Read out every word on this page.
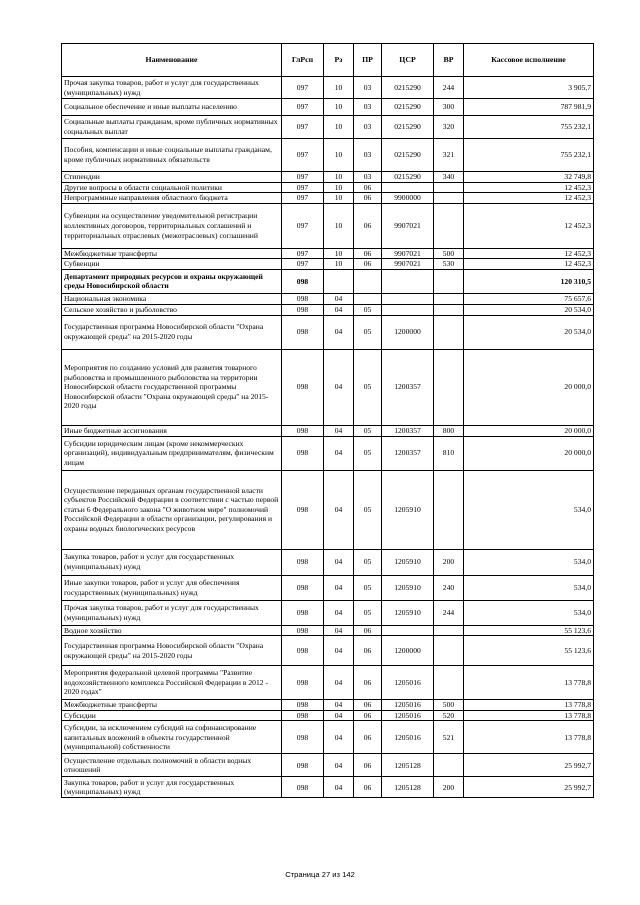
Наименование	ГлРсп	Рз	ПР	ЦСР	ВР	Кассовое исполнение
Прочая закупка товаров, работ и услуг для государственных (муниципальных) нужд	097	10	03	0215290	244	3 905,7
Социальное обеспечение и иные выплаты населению	097	10	03	0215290	300	787 981,9
Социальные выплаты гражданам, кроме публичных нормативных социальных выплат	097	10	03	0215290	320	755 232,1
Пособия, компенсации и иные социальные выплаты гражданам, кроме публичных нормативных обязательств	097	10	03	0215290	321	755 232,1
Стипендии	097	10	03	0215290	340	32 749,8
Другие вопросы в области социальной политики	097	10	06			12 452,3
Непрограммные направления областного бюджета	097	10	06	9900000		12 452,3
Субвенции на осуществление уведомительной регистрации коллективных договоров, территориальных соглашений и территориальных отраслевых (межотраслевых) соглашений	097	10	06	9907021		12 452,3
Межбюджетные трансферты	097	10	06	9907021	500	12 452,3
Субвенции	097	10	06	9907021	530	12 452,3
Департамент природных ресурсов и охраны окружающей среды Новосибирской области	098					120 310,5
Национальная экономика	098	04				75 657,6
Сельское хозяйство и рыболовство	098	04	05			20 534,0
Государственная программа Новосибирской области "Охрана окружающей среды" на 2015-2020 годы	098	04	05	1200000		20 534,0
Мероприятия по созданию условий для развития товарного рыболовства и промышленного рыболовства на территории Новосибирской области государственной программы Новосибирской области "Охрана окружающей среды" на 2015-2020 годы	098	04	05	1200357		20 000,0
Иные бюджетные ассигнования	098	04	05	1200357	800	20 000,0
Субсидии юридическим лицам (кроме некоммерческих организаций), индивидуальным предпринимателям, физическим лицам	098	04	05	1200357	810	20 000,0
Осуществление переданных органам государственной власти субъектов Российской Федерации в соответствии с частью первой статьи 6 Федерального закона "О животном мире" полномочий Российской Федерации в области организации, регулирования и охраны водных биологических ресурсов	098	04	05	1205910		534,0
Закупка товаров, работ и услуг для государственных (муниципальных) нужд	098	04	05	1205910	200	534,0
Иные закупки товаров, работ и услуг для обеспечения государственных (муниципальных) нужд	098	04	05	1205910	240	534,0
Прочая закупка товаров, работ и услуг для государственных (муниципальных) нужд	098	04	05	1205910	244	534,0
Водное хозяйство	098	04	06			55 123,6
Государственная программа Новосибирской области "Охрана окружающей среды" на 2015-2020 годы	098	04	06	1200000		55 123,6
Мероприятия федеральной целевой программы "Развитие водохозяйственного комплекса Российской Федерации в 2012 - 2020 годах"	098	04	06	1205016		13 778,8
Межбюджетные трансферты	098	04	06	1205016	500	13 778,8
Субсидии	098	04	06	1205016	520	13 778,8
Субсидии, за исключением субсидий на софинансирование капитальных вложений в объекты государственной (муниципальной) собственности	098	04	06	1205016	521	13 778,8
Осуществление отдельных полномочий в области водных отношений	098	04	06	1205128		25 992,7
Закупка товаров, работ и услуг для государственных (муниципальных) нужд	098	04	06	1205128	200	25 992,7
Страница 27 из 142
